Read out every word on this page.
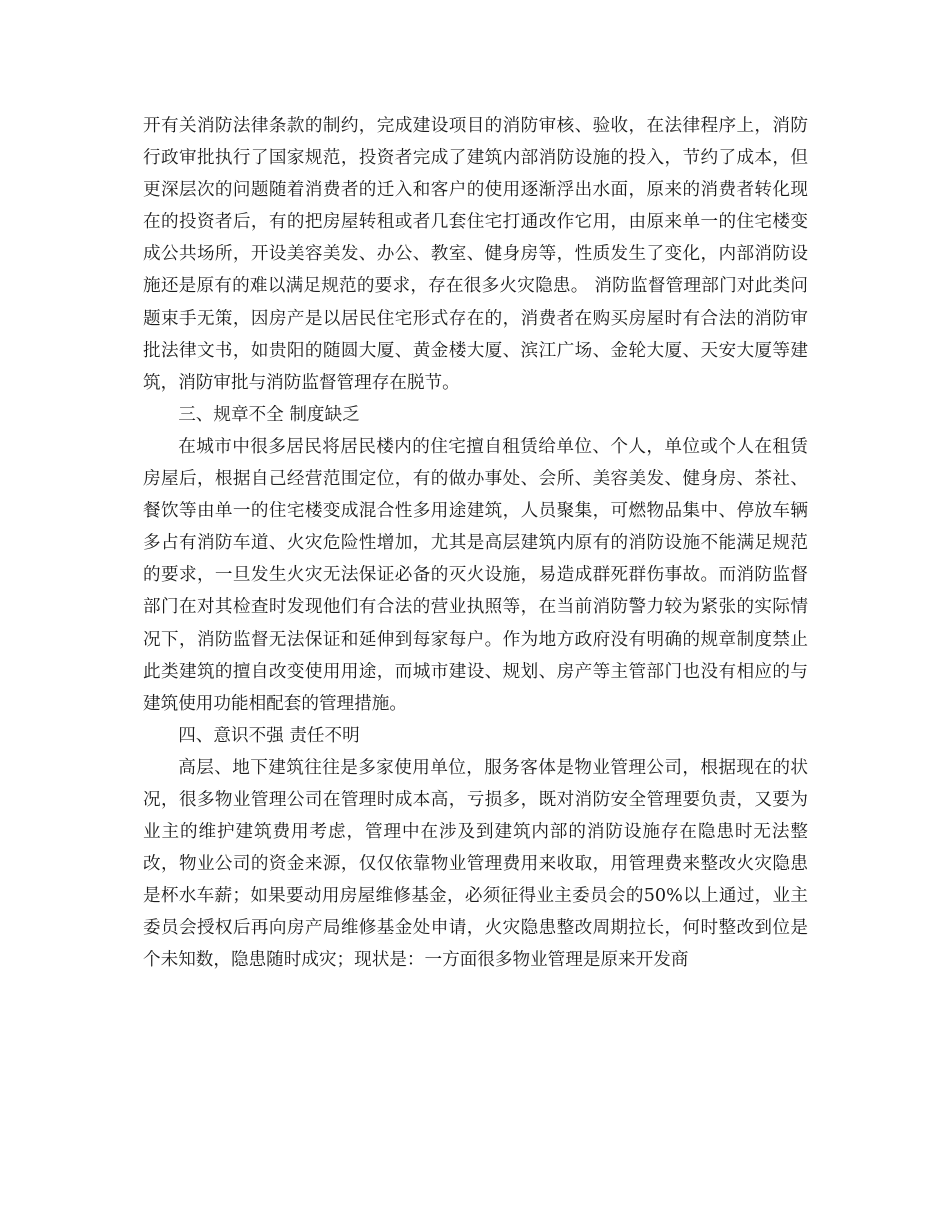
开有关消防法律条款的制约，完成建设项目的消防审核、验收，在法律程序上，消防行政审批执行了国家规范，投资者完成了建筑内部消防设施的投入，节约了成本，但更深层次的问题随着消费者的迁入和客户的使用逐渐浮出水面，原来的消费者转化现在的投资者后，有的把房屋转租或者几套住宅打通改作它用，由原来单一的住宅楼变成公共场所，开设美容美发、办公、教室、健身房等，性质发生了变化，内部消防设施还是原有的难以满足规范的要求，存在很多火灾隐患。 消防监督管理部门对此类问题束手无策，因房产是以居民住宅形式存在的，消费者在购买房屋时有合法的消防审批法律文书，如贵阳的随圆大厦、黄金楼大厦、滨江广场、金轮大厦、天安大厦等建筑，消防审批与消防监督管理存在脱节。

三、规章不全 制度缺乏

在城市中很多居民将居民楼内的住宅擅自租赁给单位、个人，单位或个人在租赁房屋后，根据自己经营范围定位，有的做办事处、会所、美容美发、健身房、茶社、餐饮等由单一的住宅楼变成混合性多用途建筑，人员聚集，可燃物品集中、停放车辆多占有消防车道、火灾危险性增加，尤其是高层建筑内原有的消防设施不能满足规范的要求，一旦发生火灾无法保证必备的灭火设施，易造成群死群伤事故。而消防监督部门在对其检查时发现他们有合法的营业执照等，在当前消防警力较为紧张的实际情况下，消防监督无法保证和延伸到每家每户。作为地方政府没有明确的规章制度禁止此类建筑的擅自改变使用用途，而城市建设、规划、房产等主管部门也没有相应的与建筑使用功能相配套的管理措施。

四、意识不强 责任不明

高层、地下建筑往往是多家使用单位，服务客体是物业管理公司，根据现在的状况，很多物业管理公司在管理时成本高，亏损多，既对消防安全管理要负责，又要为业主的维护建筑费用考虑，管理中在涉及到建筑内部的消防设施存在隐患时无法整改，物业公司的资金来源，仅仅依靠物业管理费用来收取，用管理费来整改火灾隐患是杯水车薪；如果要动用房屋维修基金，必须征得业主委员会的50%以上通过，业主委员会授权后再向房产局维修基金处申请，火灾隐患整改周期拉长，何时整改到位是个未知数，隐患随时成灾；现状是：一方面很多物业管理是原来开发商
